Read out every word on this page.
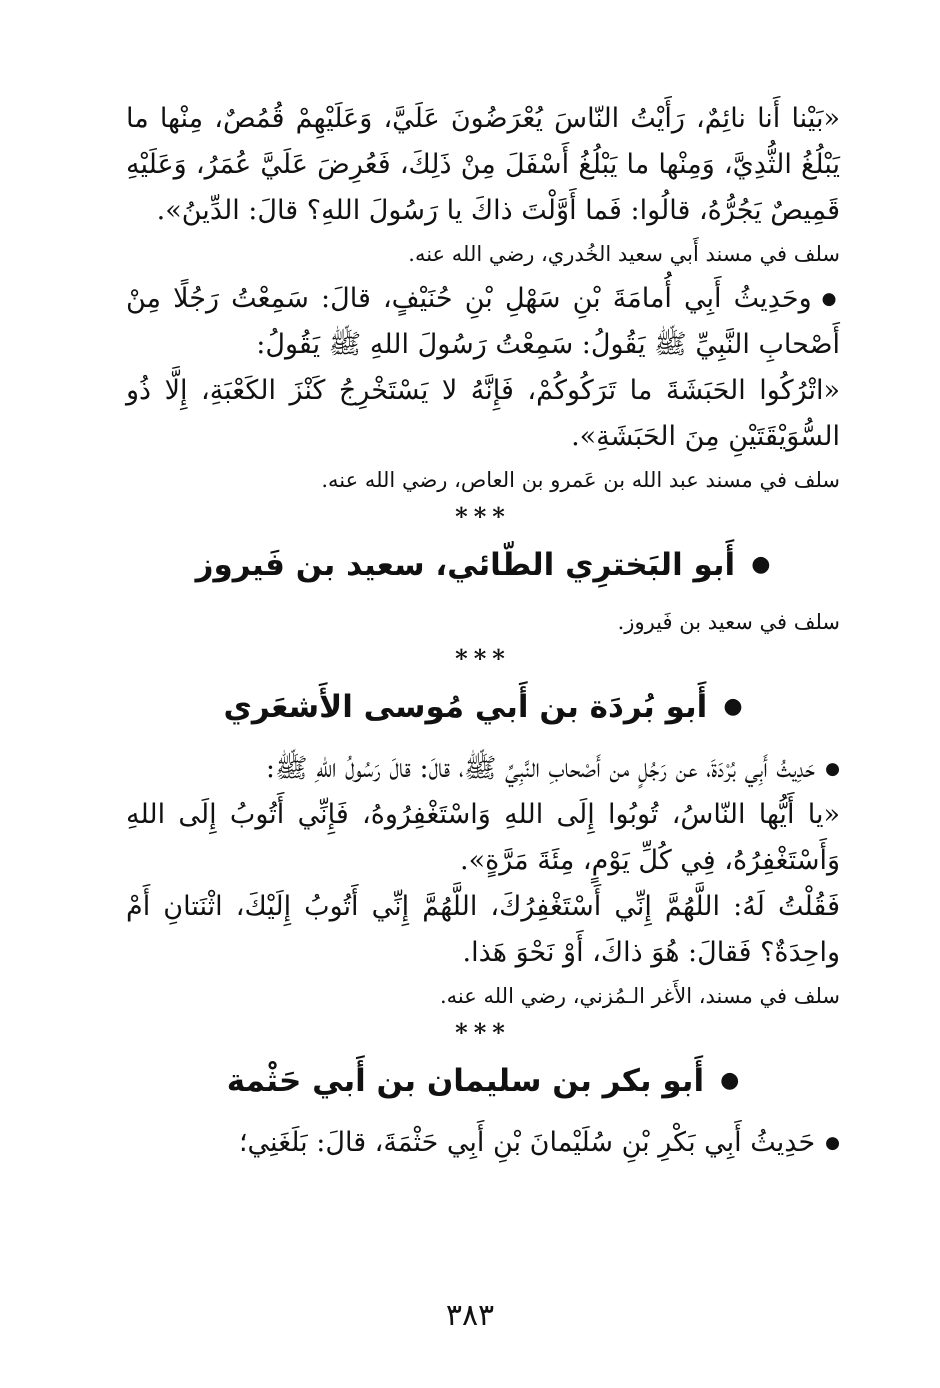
«بَيْنا أَنا نائِمٌ، رَأَيْتُ النّاسَ يُعْرَضُونَ عَلَيَّ، وَعَلَيْهِمْ قُمُصٌ، مِنْها ما يَبْلُغُ الثُّدِيَّ، وَمِنْها ما يَبْلُغُ أَسْفَلَ مِنْ ذَلِكَ، فَعُرِضَ عَلَيَّ عُمَرُ، وَعَلَيْهِ قَمِيصٌ يَجُرُّهُ، قالُوا: فَما أَوَّلْتَ ذاكَ يا رَسُولَ اللهِ؟ قالَ: الدِّينُ».

سلف في مسند أَبي سعيد الخُدري، رضي الله عنه.

● وحَدِيثُ أَبِي أُمامَةَ بْنِ سَهْلِ بْنِ حُنَيْفٍ، قالَ: سَمِعْتُ رَجُلًا مِنْ أَصْحابِ النَّبِيِّ ﷺ يَقُولُ: سَمِعْتُ رَسُولَ اللهِ ﷺ يَقُولُ:

«اتْرُكُوا الحَبَشَةَ ما تَرَكُوكُمْ، فَإِنَّهُ لا يَسْتَخْرِجُ كَنْزَ الكَعْبَةِ، إِلَّا ذُو السُّوَيْقَتَيْنِ مِنَ الحَبَشَةِ».

سلف في مسند عبد الله بن عَمرو بن العاص، رضي الله عنه.

***
●أَبو البَخترِي الطّائي، سعيد بن فَيروز

سلف في سعيد بن فَيروز.

***
●أَبو بُردَة بن أَبي مُوسى الأَشعَري

● حَدِيثُ أَبِي بُرْدَةَ، عن رَجُلٍ من أَصْحابِ النَّبِيِّ ﷺ، قالَ: قالَ رَسُولُ اللهِ ﷺ:

«يا أَيُّها النّاسُ، تُوبُوا إِلَى اللهِ وَاسْتَغْفِرُوهُ، فَإِنِّي أَتُوبُ إِلَى اللهِ وَأَسْتَغْفِرُهُ، فِي كُلِّ يَوْمٍ، مِئَةَ مَرَّةٍ».

فَقُلْتُ لَهُ: اللَّهُمَّ إِنِّي أَسْتَغْفِرُكَ، اللَّهُمَّ إِنِّي أَتُوبُ إِلَيْكَ، اثْنَتانِ أَمْ واحِدَةٌ؟ فَقالَ: هُوَ ذاكَ، أَوْ نَحْوَ هَذا.

سلف في مسند، الأَغر الـمُزني، رضي الله عنه.

***
●أَبو بكر بن سليمان بن أَبي حَثْمة

● حَدِيثُ أَبِي بَكْرِ بْنِ سُلَيْمانَ بْنِ أَبِي حَثْمَةَ، قالَ: بَلَغَنِي؛

٣٨٣
